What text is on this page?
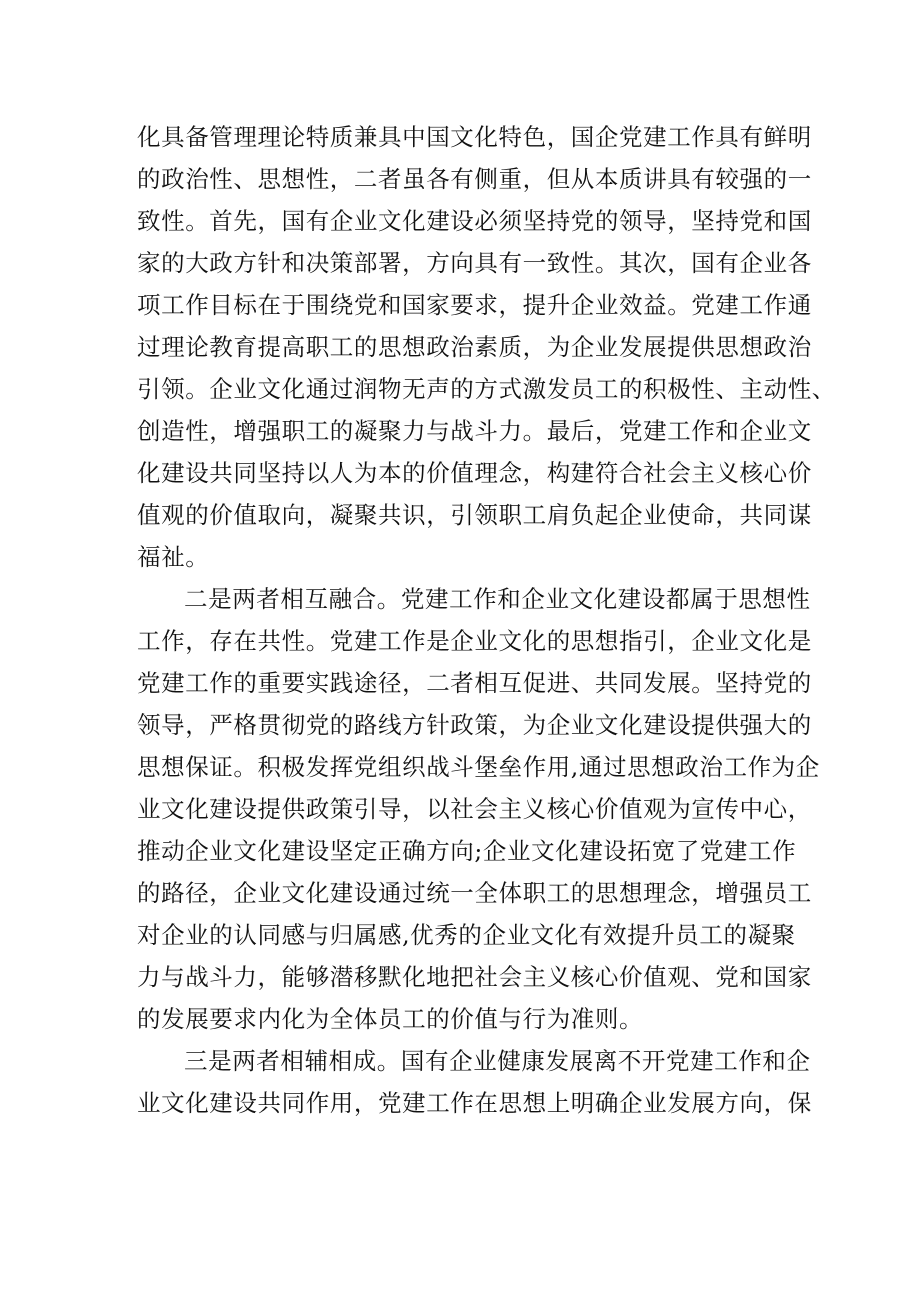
化具备管理理论特质兼具中国文化特色，国企党建工作具有鲜明
的政治性、思想性，二者虽各有侧重，但从本质讲具有较强的一
致性。首先，国有企业文化建设必须坚持党的领导，坚持党和国
家的大政方针和决策部署，方向具有一致性。其次，国有企业各
项工作目标在于围绕党和国家要求，提升企业效益。党建工作通
过理论教育提高职工的思想政治素质，为企业发展提供思想政治
引领。企业文化通过润物无声的方式激发员工的积极性、主动性、
创造性，增强职工的凝聚力与战斗力。最后，党建工作和企业文
化建设共同坚持以人为本的价值理念，构建符合社会主义核心价
值观的价值取向，凝聚共识，引领职工肩负起企业使命，共同谋
福祉。
二是两者相互融合。党建工作和企业文化建设都属于思想性
工作，存在共性。党建工作是企业文化的思想指引，企业文化是
党建工作的重要实践途径，二者相互促进、共同发展。坚持党的
领导，严格贯彻党的路线方针政策，为企业文化建设提供强大的
思想保证。积极发挥党组织战斗堡垒作用,通过思想政治工作为企
业文化建设提供政策引导，以社会主义核心价值观为宣传中心，
推动企业文化建设坚定正确方向;企业文化建设拓宽了党建工作
的路径，企业文化建设通过统一全体职工的思想理念，增强员工
对企业的认同感与归属感,优秀的企业文化有效提升员工的凝聚
力与战斗力，能够潜移默化地把社会主义核心价值观、党和国家
的发展要求内化为全体员工的价值与行为准则。
三是两者相辅相成。国有企业健康发展离不开党建工作和企
业文化建设共同作用，党建工作在思想上明确企业发展方向，保
